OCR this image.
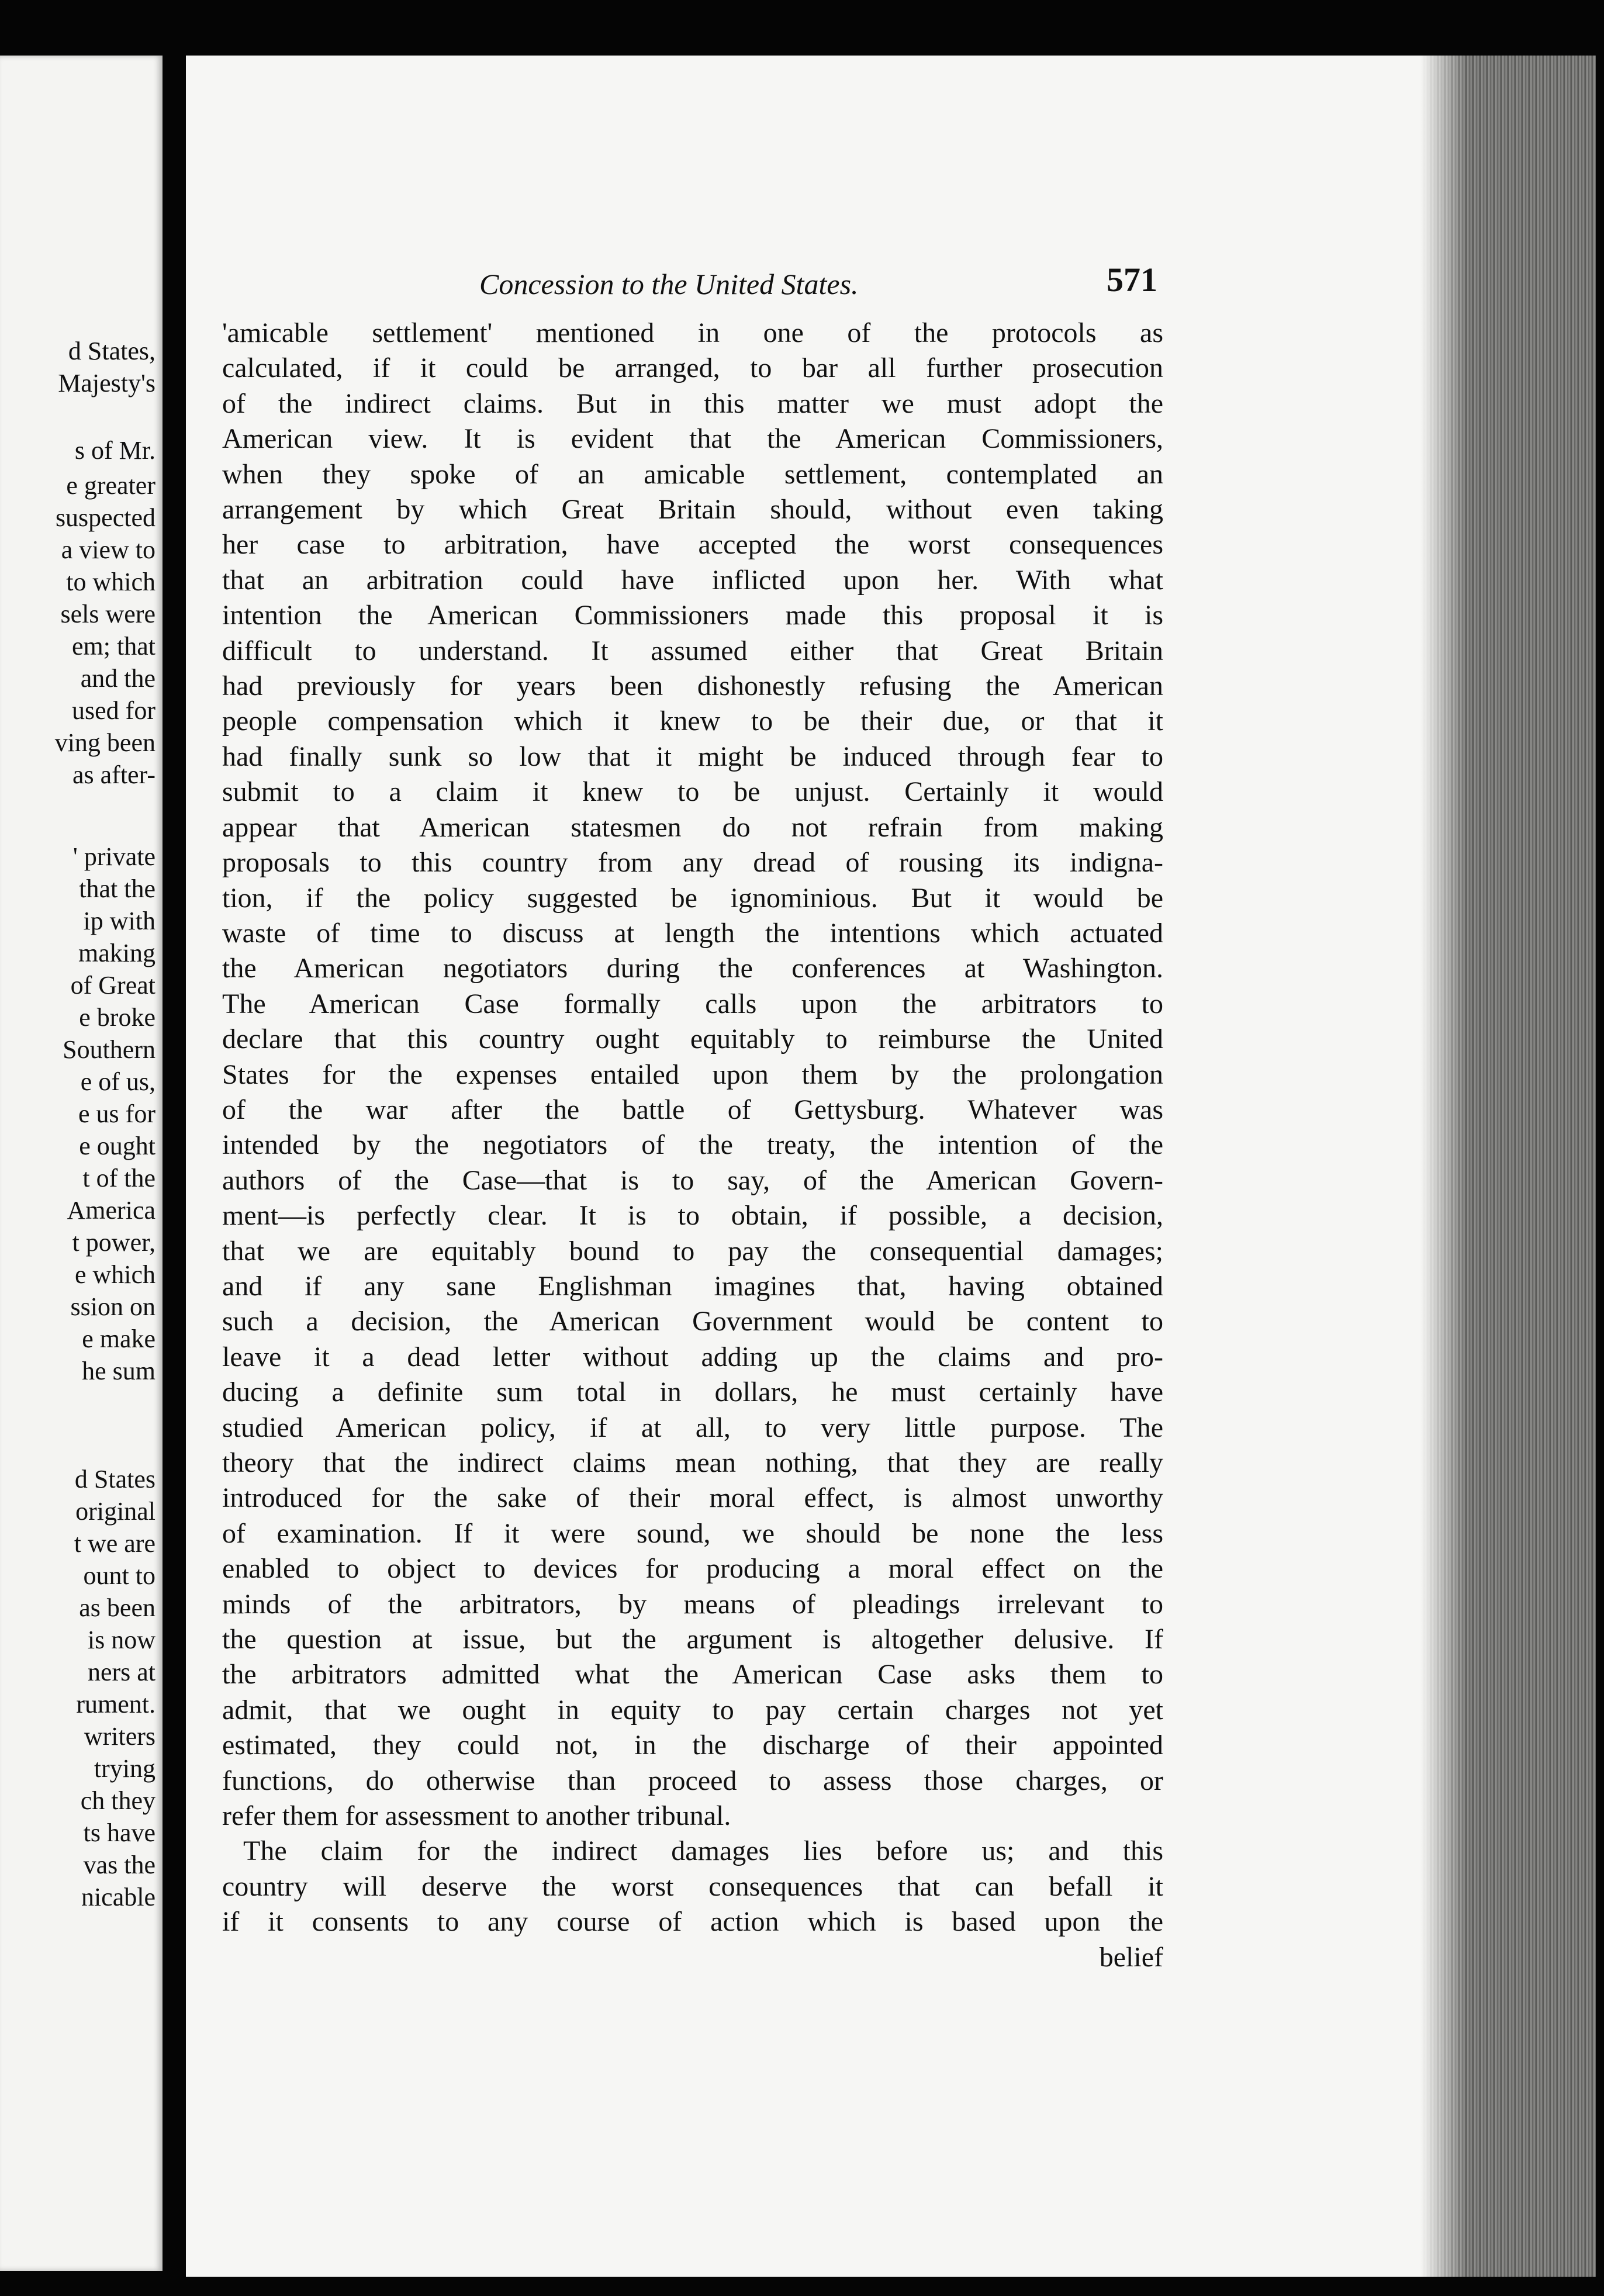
d States,
Majesty's
s of Mr.
e greater
suspected
a view to
to which
sels were
em; that
and the
used for
ving been
as after-
' private
that the
ip with
making
of Great
e broke
Southern
e of us,
e us for
e ought
t of the
America
t power,
e which
ssion on
e make
he sum
d States
original
t we are
ount to
as been
is now
ners at
rument.
writers
trying
ch they
ts have
vas the
nicable
Concession to the United States.	571
'amicable settlement' mentioned in one of the protocols as
calculated, if it could be arranged, to bar all further prosecution
of the indirect claims. But in this matter we must adopt the
American view. It is evident that the American Commissioners,
when they spoke of an amicable settlement, contemplated an
arrangement by which Great Britain should, without even taking
her case to arbitration, have accepted the worst consequences
that an arbitration could have inflicted upon her. With what
intention the American Commissioners made this proposal it is
difficult to understand. It assumed either that Great Britain
had previously for years been dishonestly refusing the American
people compensation which it knew to be their due, or that it
had finally sunk so low that it might be induced through fear to
submit to a claim it knew to be unjust. Certainly it would
appear that American statesmen do not refrain from making
proposals to this country from any dread of rousing its indigna-
tion, if the policy suggested be ignominious. But it would be
waste of time to discuss at length the intentions which actuated
the American negotiators during the conferences at Washington.
The American Case formally calls upon the arbitrators to
declare that this country ought equitably to reimburse the United
States for the expenses entailed upon them by the prolongation
of the war after the battle of Gettysburg. Whatever was
intended by the negotiators of the treaty, the intention of the
authors of the Case—that is to say, of the American Govern-
ment—is perfectly clear. It is to obtain, if possible, a decision,
that we are equitably bound to pay the consequential damages;
and if any sane Englishman imagines that, having obtained
such a decision, the American Government would be content to
leave it a dead letter without adding up the claims and pro-
ducing a definite sum total in dollars, he must certainly have
studied American policy, if at all, to very little purpose. The
theory that the indirect claims mean nothing, that they are really
introduced for the sake of their moral effect, is almost unworthy
of examination. If it were sound, we should be none the less
enabled to object to devices for producing a moral effect on the
minds of the arbitrators, by means of pleadings irrelevant to
the question at issue, but the argument is altogether delusive. If
the arbitrators admitted what the American Case asks them to
admit, that we ought in equity to pay certain charges not yet
estimated, they could not, in the discharge of their appointed
functions, do otherwise than proceed to assess those charges, or
refer them for assessment to another tribunal.
The claim for the indirect damages lies before us; and this
country will deserve the worst consequences that can befall it
if it consents to any course of action which is based upon the
belief
